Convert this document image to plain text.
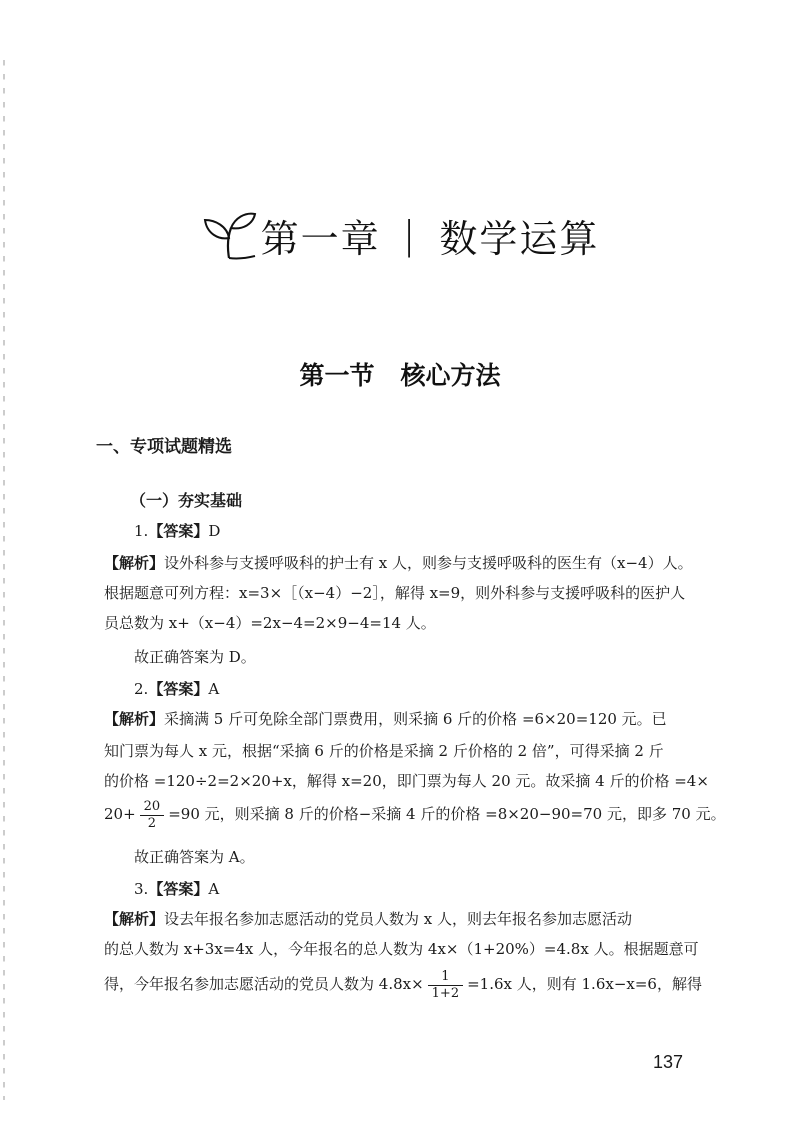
第一章 | 数学运算
第一节 核心方法
一、专项试题精选
（一）夯实基础
1.【答案】D
【解析】设外科参与支援呼吸科的护士有 x 人，则参与支援呼吸科的医生有（x−4）人。
根据题意可列方程：x=3×［（x−4）−2］，解得 x=9，则外科参与支援呼吸科的医护人
员总数为 x+（x−4）=2x−4=2×9−4=14 人。
故正确答案为 D。
2.【答案】A
【解析】采摘满 5 斤可免除全部门票费用，则采摘 6 斤的价格 =6×20=120 元。已
知门票为每人 x 元，根据“采摘 6 斤的价格是采摘 2 斤价格的 2 倍”，可得采摘 2 斤
的价格 =120÷2=2×20+x，解得 x=20，即门票为每人 20 元。故采摘 4 斤的价格 =4×
$20+ \frac{20}{2} =90$ 元，则采摘 8 斤的价格−采摘 4 斤的价格 =8×20−90=70 元，即多 70 元。
故正确答案为 A。
3.【答案】A
【解析】设去年报名参加志愿活动的党员人数为 x 人，则去年报名参加志愿活动
的总人数为 x+3x=4x 人，今年报名的总人数为 4x×（1+20%）=4.8x 人。根据题意可
得，今年报名参加志愿活动的党员人数为 $4.8x\times \frac{1}{1+2} =1.6x$ 人，则有 1.6x−x=6，解得
137
